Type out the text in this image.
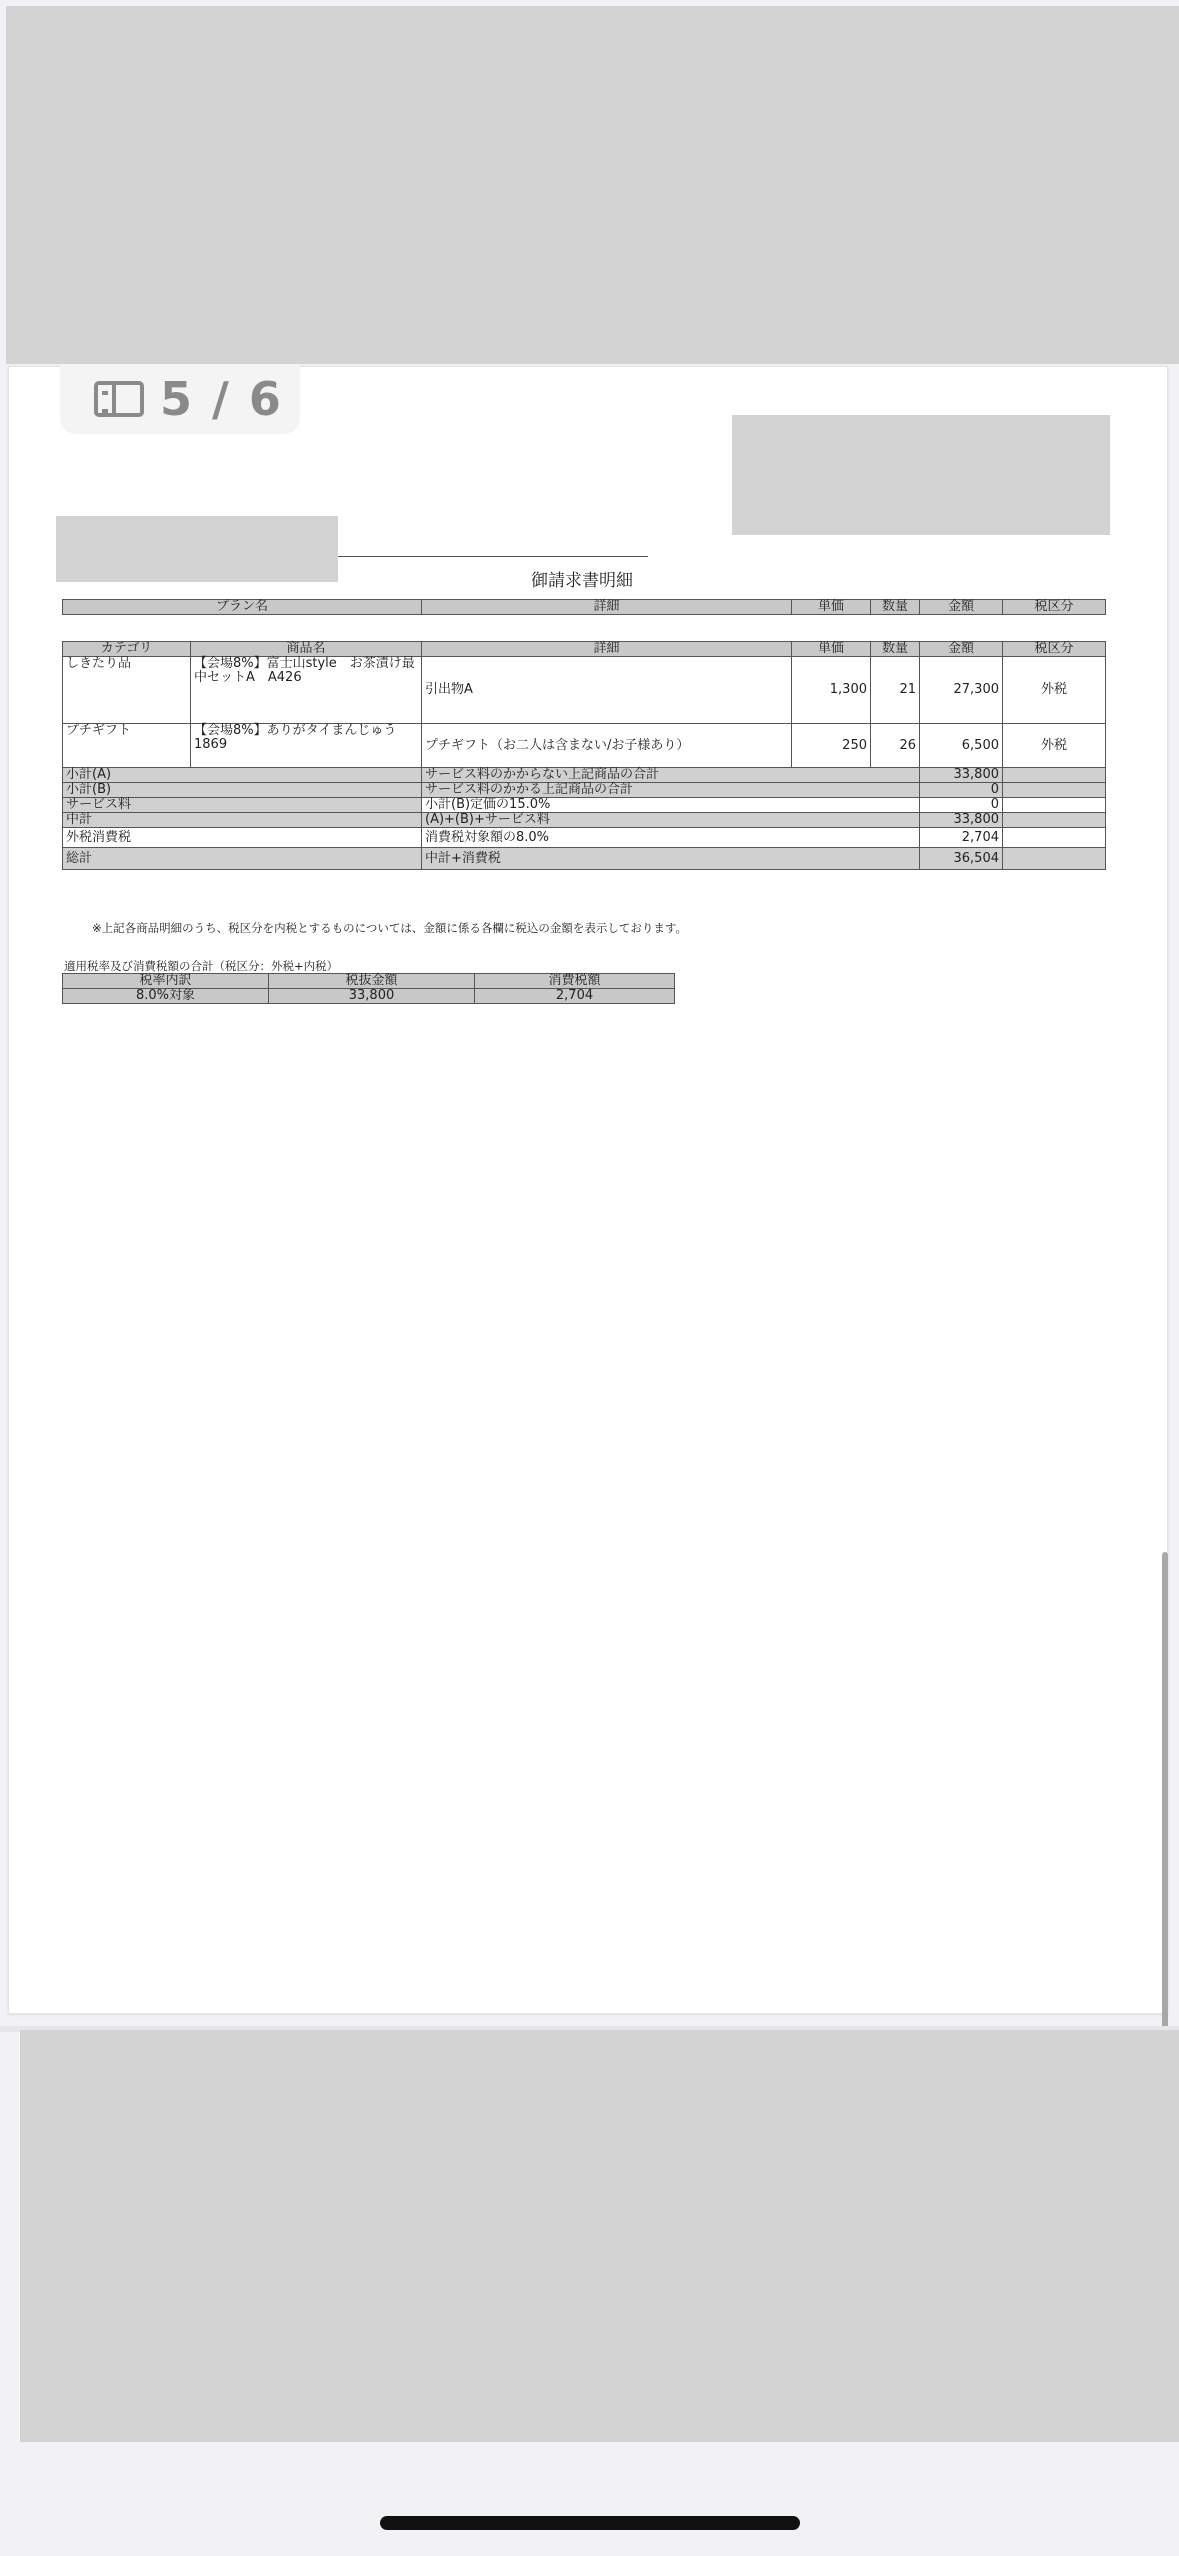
5 / 6
御請求書明細
プラン名	詳細	単価	数量	金額	税区分
カテゴリ	商品名	詳細	単価	数量	金額	税区分
しきたり品	【会場8%】富士山style　お茶漬け最中セットA　A426	引出物A	1,300	21	27,300	外税
プチギフト	【会場8%】ありがタイまんじゅう　1869	プチギフト（お二人は含まない/お子様あり）	250	26	6,500	外税
小計(A)		サービス料のかからない上記商品の合計			33,800	
小計(B)		サービス料のかかる上記商品の合計			0	
サービス料		小計(B)定価の15.0%			0	
中計		(A)+(B)+サービス料			33,800	
外税消費税		消費税対象額の8.0%			2,704	
総計		中計+消費税			36,504	
※上記各商品明細のうち、税区分を内税とするものについては、金額に係る各欄に税込の金額を表示しております。
適用税率及び消費税額の合計（税区分：外税+内税）
税率内訳	税抜金額	消費税額
8.0%対象	33,800	2,704
